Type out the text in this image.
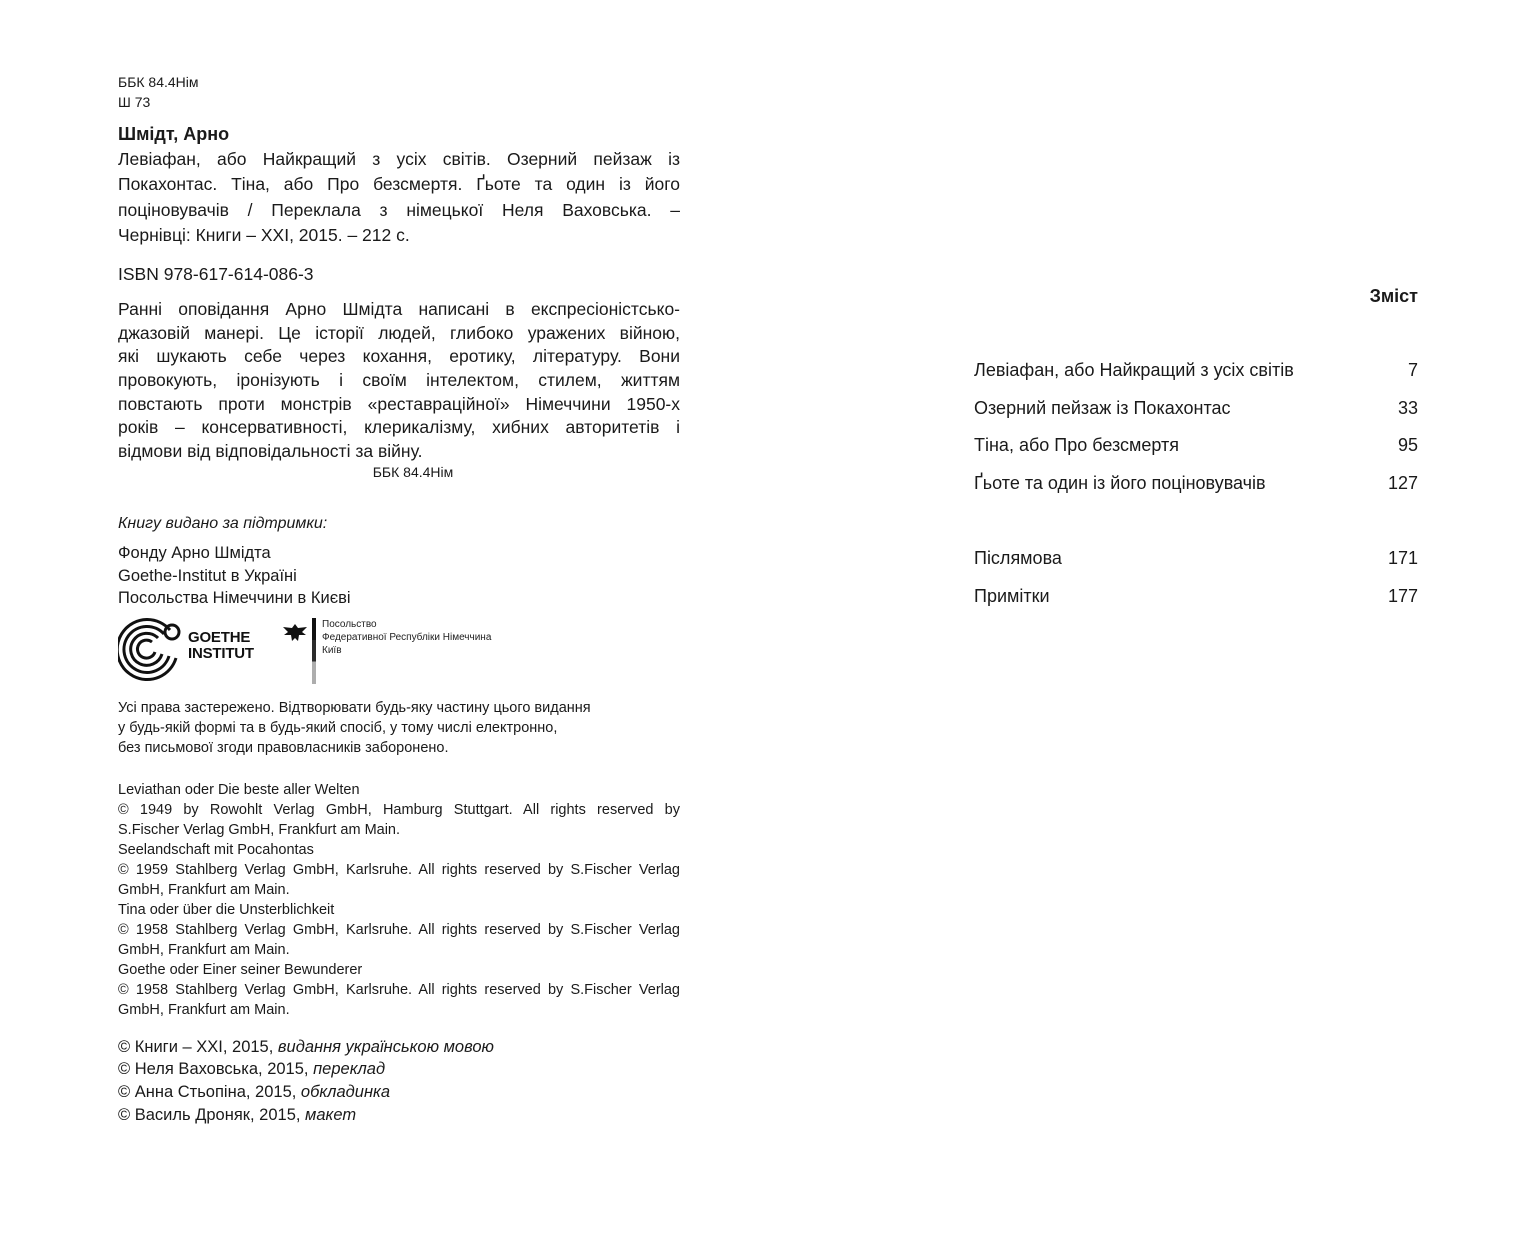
ББК 84.4Нім
Ш 73
Шмідт, Арно
Левіафан, або Найкращий з усіх світів. Озерний пейзаж із
Покахонтас. Тіна, або Про безсмертя. Ґьоте та один із його
поціновувачів / Переклала з німецької Неля Ваховська. –
Чернівці: Книги – ХХІ, 2015. – 212 с.
ISBN 978-617-614-086-3
Ранні оповідання Арно Шмідта написані в експресіоністсько-
джазовій манері. Це історії людей, глибоко уражених війною,
які шукають себе через кохання, еротику, літературу. Вони
провокують, іронізують і своїм інтелектом, стилем, життям
повстають проти монстрів «реставраційної» Німеччини 1950-х
років – консервативності, клерикалізму, хибних авторитетів і
відмови від відповідальності за війну.
ББК 84.4Нім
Книгу видано за підтримки:
Фонду Арно Шмідта
Goethe-Institut в Україні
Посольства Німеччини в Києві
GOETHE
INSTITUT
Посольство
Федеративної Республіки Німеччина
Київ
Усі права застережено. Відтворювати будь-яку частину цього видання
у будь-якій формі та в будь-який спосіб, у тому числі електронно,
без письмової згоди правовласників заборонено.
Leviathan oder Die beste aller Welten
© 1949 by Rowohlt Verlag GmbH, Hamburg Stuttgart. All rights reserved by
S.Fischer Verlag GmbH, Frankfurt am Main.
Seelandschaft mit Pocahontas
© 1959 Stahlberg Verlag GmbH, Karlsruhe. All rights reserved by S.Fischer Verlag
GmbH, Frankfurt am Main.
Tina oder über die Unsterblichkeit
© 1958 Stahlberg Verlag GmbH, Karlsruhe. All rights reserved by S.Fischer Verlag
GmbH, Frankfurt am Main.
Goethe oder Einer seiner Bewunderer
© 1958 Stahlberg Verlag GmbH, Karlsruhe. All rights reserved by S.Fischer Verlag
GmbH, Frankfurt am Main.
© Книги – XXI, 2015, видання українською мовою
© Неля Ваховська, 2015, переклад
© Анна Стьопіна, 2015, обкладинка
© Василь Дроняк, 2015, макет
Зміст
Левіафан, або Найкращий з усіх світів	7
Озерний пейзаж із Покахонтас	33
Тіна, або Про безсмертя	95
Ґьоте та один із його поціновувачів	127
Післямова	171
Примітки	177
